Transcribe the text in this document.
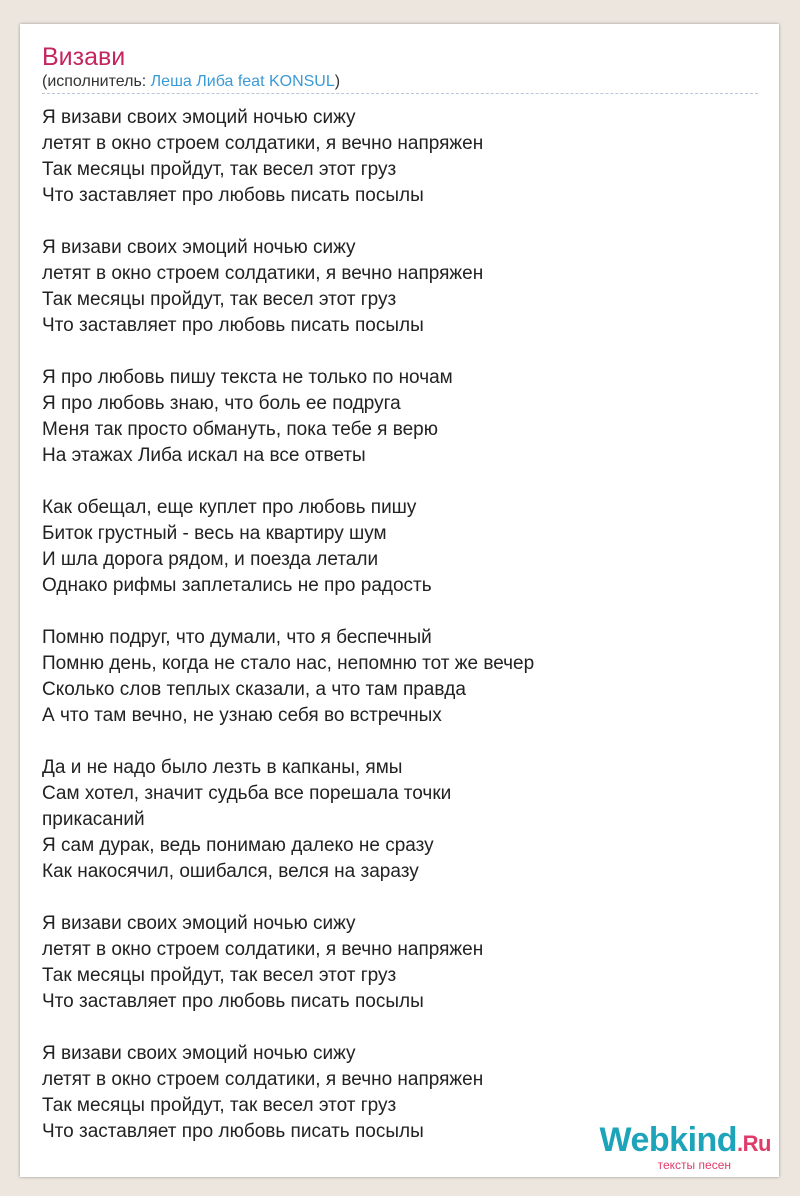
Визави
(исполнитель: Леша Либа feat KONSUL)
Я визави своих эмоций ночью сижу
летят в окно строем солдатики, я вечно напряжен
Так месяцы пройдут, так весел этот груз
Что заставляет про любовь писать посылы
Я визави своих эмоций ночью сижу
летят в окно строем солдатики, я вечно напряжен
Так месяцы пройдут, так весел этот груз
Что заставляет про любовь писать посылы
Я про любовь пишу текста не только по ночам
Я про любовь знаю, что боль ее подруга
Меня так просто обмануть, пока тебе я верю
На этажах Либа искал на все ответы
Как обещал, еще куплет про любовь пишу
Биток грустный - весь на квартиру шум
И шла дорога рядом, и поезда летали
Однако рифмы заплетались не про радость
Помню подруг, что думали, что я беспечный
Помню день, когда не стало нас, непомню тот же вечер
Сколько слов теплых сказали, а что там правда
А что там вечно, не узнаю себя во встречных
Да и не надо было лезть в капканы, ямы
Сам хотел, значит судьба все порешала точки
прикасаний
Я сам дурак, ведь понимаю далеко не сразу
Как накосячил, ошибался, велся на заразу
Я визави своих эмоций ночью сижу
летят в окно строем солдатики, я вечно напряжен
Так месяцы пройдут, так весел этот груз
Что заставляет про любовь писать посылы
Я визави своих эмоций ночью сижу
летят в окно строем солдатики, я вечно напряжен
Так месяцы пройдут, так весел этот груз
Что заставляет про любовь писать посылы	Webkind.Ru
тексты песен
